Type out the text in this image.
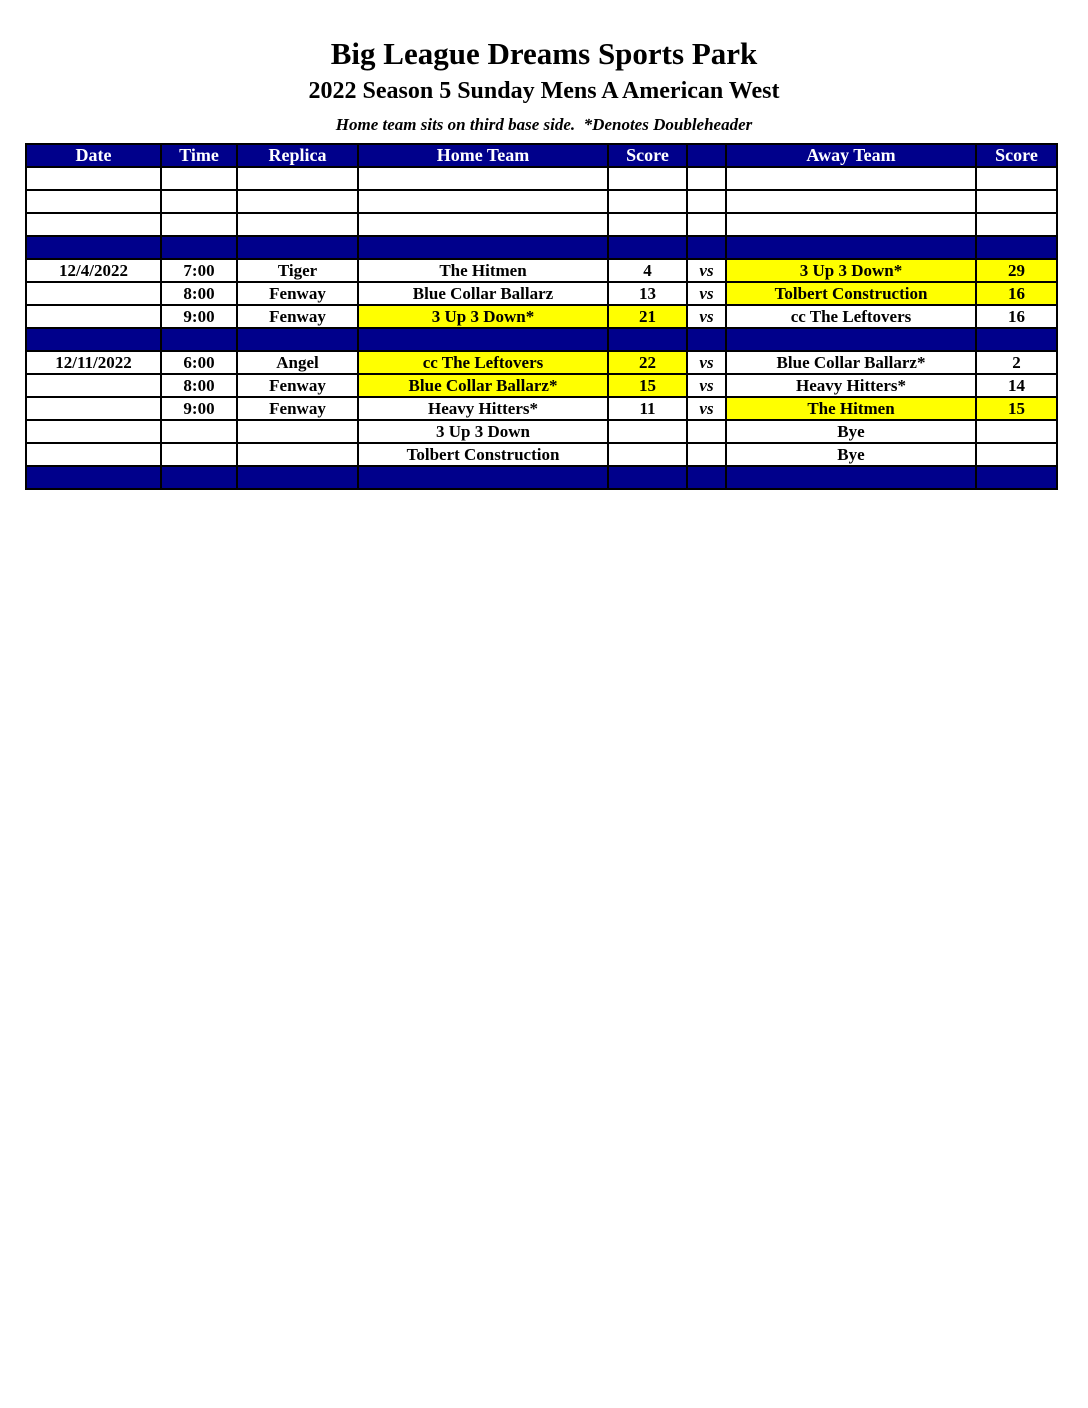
Big League Dreams Sports Park
2022 Season 5 Sunday Mens A American West
Home team sits on third base side.  *Denotes Doubleheader
Date	Time	Replica	Home Team	Score		Away Team	Score

12/4/2022	7:00	Tiger	The Hitmen	4	vs	3 Up 3 Down*	29
	8:00	Fenway	Blue Collar Ballarz	13	vs	Tolbert Construction	16
	9:00	Fenway	3 Up 3 Down*	21	vs	cc The Leftovers	16

12/11/2022	6:00	Angel	cc The Leftovers	22	vs	Blue Collar Ballarz*	2
	8:00	Fenway	Blue Collar Ballarz*	15	vs	Heavy Hitters*	14
	9:00	Fenway	Heavy Hitters*	11	vs	The Hitmen	15
			3 Up 3 Down			Bye	
			Tolbert Construction			Bye	
